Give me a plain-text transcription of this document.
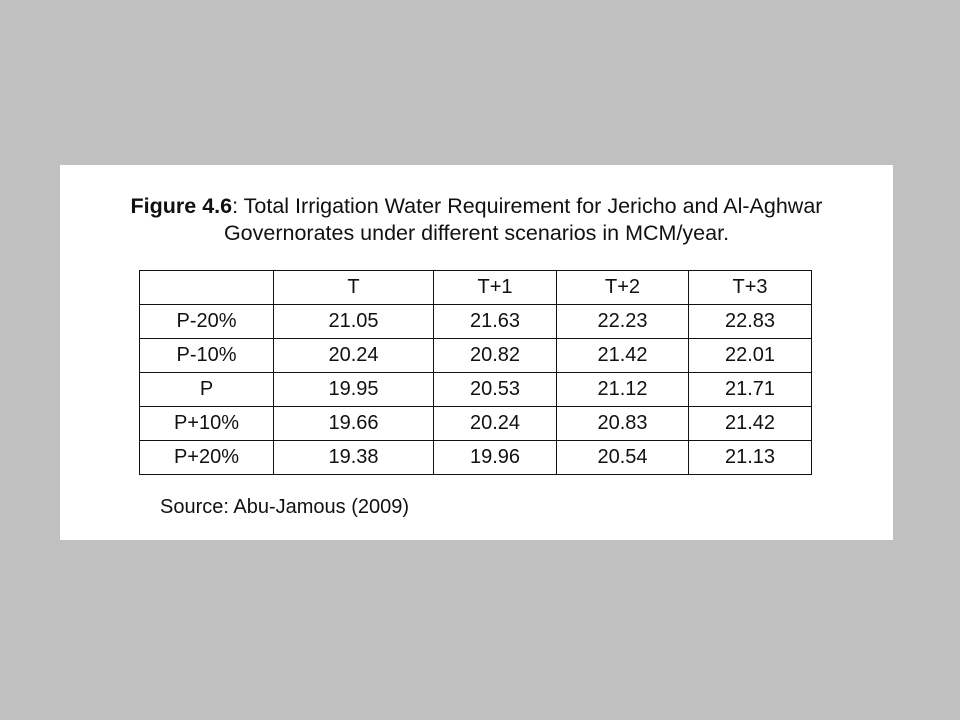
Figure 4.6: Total Irrigation Water Requirement for Jericho and Al-Aghwar
Governorates under different scenarios in MCM/year.
	T	T+1	T+2	T+3
P-20%	21.05	21.63	22.23	22.83
P-10%	20.24	20.82	21.42	22.01
P	19.95	20.53	21.12	21.71
P+10%	19.66	20.24	20.83	21.42
P+20%	19.38	19.96	20.54	21.13
Source: Abu-Jamous (2009)
